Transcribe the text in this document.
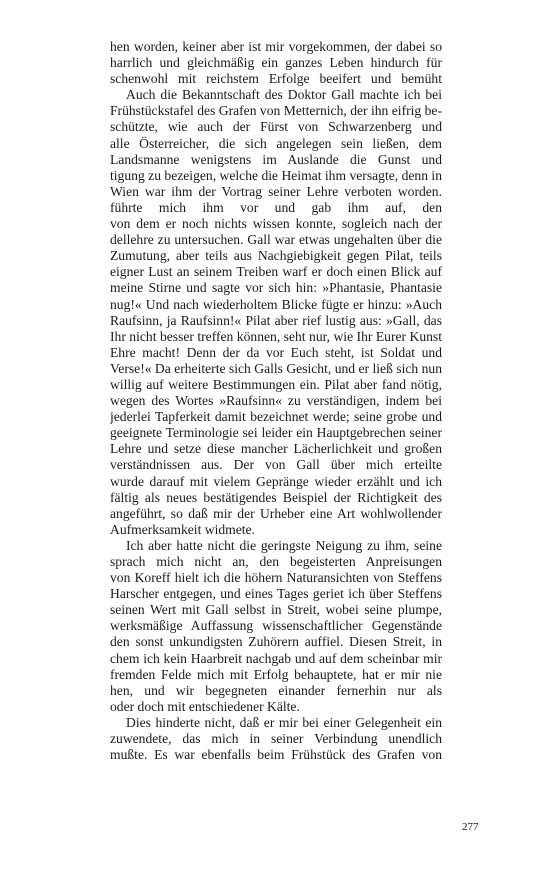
hen worden, keiner aber ist mir vorgekommen, der dabei so
harrlich und gleichmäßig ein ganzes Leben hindurch für
schenwohl mit reichstem Erfolge beeifert und bemüht
Auch die Bekanntschaft des Doktor Gall machte ich bei
Frühstückstafel des Grafen von Metternich, der ihn eifrig be-
schützte, wie auch der Fürst von Schwarzenberg und
alle Österreicher, die sich angelegen sein ließen, dem
Landsmanne wenigstens im Auslande die Gunst und
tigung zu bezeigen, welche die Heimat ihm versagte, denn in
Wien war ihm der Vortrag seiner Lehre verboten worden.
führte mich ihm vor und gab ihm auf, den
von dem er noch nichts wissen konnte, sogleich nach der
dellehre zu untersuchen. Gall war etwas ungehalten über die
Zumutung, aber teils aus Nachgiebigkeit gegen Pilat, teils
eigner Lust an seinem Treiben warf er doch einen Blick auf
meine Stirne und sagte vor sich hin: »Phantasie, Phantasie
nug!« Und nach wiederholtem Blicke fügte er hinzu: »Auch
Raufsinn, ja Raufsinn!« Pilat aber rief lustig aus: »Gall, das
Ihr nicht besser treffen können, seht nur, wie Ihr Eurer Kunst
Ehre macht! Denn der da vor Euch steht, ist Soldat und
Verse!« Da erheiterte sich Galls Gesicht, und er ließ sich nun
willig auf weitere Bestimmungen ein. Pilat aber fand nötig,
wegen des Wortes »Raufsinn« zu verständigen, indem bei
jederlei Tapferkeit damit bezeichnet werde; seine grobe und
geeignete Terminologie sei leider ein Hauptgebrechen seiner
Lehre und setze diese mancher Lächerlichkeit und großen
verständnissen aus. Der von Gall über mich erteilte
wurde darauf mit vielem Gepränge wieder erzählt und ich
fältig als neues bestätigendes Beispiel der Richtigkeit des
angeführt, so daß mir der Urheber eine Art wohlwollender
Aufmerksamkeit widmete.
Ich aber hatte nicht die geringste Neigung zu ihm, seine
sprach mich nicht an, den begeisterten Anpreisungen
von Koreff hielt ich die höhern Naturansichten von Steffens
Harscher entgegen, und eines Tages geriet ich über Steffens
seinen Wert mit Gall selbst in Streit, wobei seine plumpe,
werksmäßige Auffassung wissenschaftlicher Gegenstände
den sonst unkundigsten Zuhörern auffiel. Diesen Streit, in
chem ich kein Haarbreit nachgab und auf dem scheinbar mir
fremden Felde mich mit Erfolg behauptete, hat er mir nie
hen, und wir begegneten einander fernerhin nur als
oder doch mit entschiedener Kälte.
Dies hinderte nicht, daß er mir bei einer Gelegenheit ein
zuwendete, das mich in seiner Verbindung unendlich
mußte. Es war ebenfalls beim Frühstück des Grafen von
277
